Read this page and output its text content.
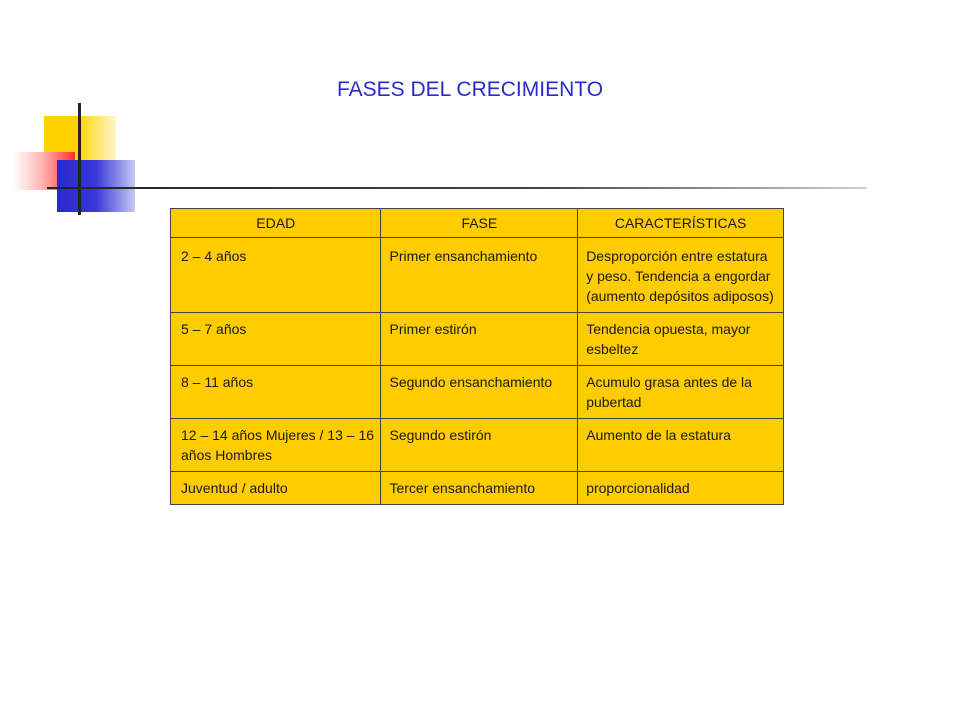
FASES DEL CRECIMIENTO
EDAD	FASE	CARACTERÍSTICAS
2 – 4 años	Primer ensanchamiento	Desproporción entre estatura y peso. Tendencia a engordar (aumento depósitos adiposos)
5 – 7 años	Primer estirón	Tendencia opuesta, mayor esbeltez
8 – 11 años	Segundo ensanchamiento	Acumulo grasa antes de la pubertad
12 – 14 años Mujeres / 13 – 16 años Hombres	Segundo estirón	Aumento de la estatura
Juventud / adulto	Tercer ensanchamiento	proporcionalidad
